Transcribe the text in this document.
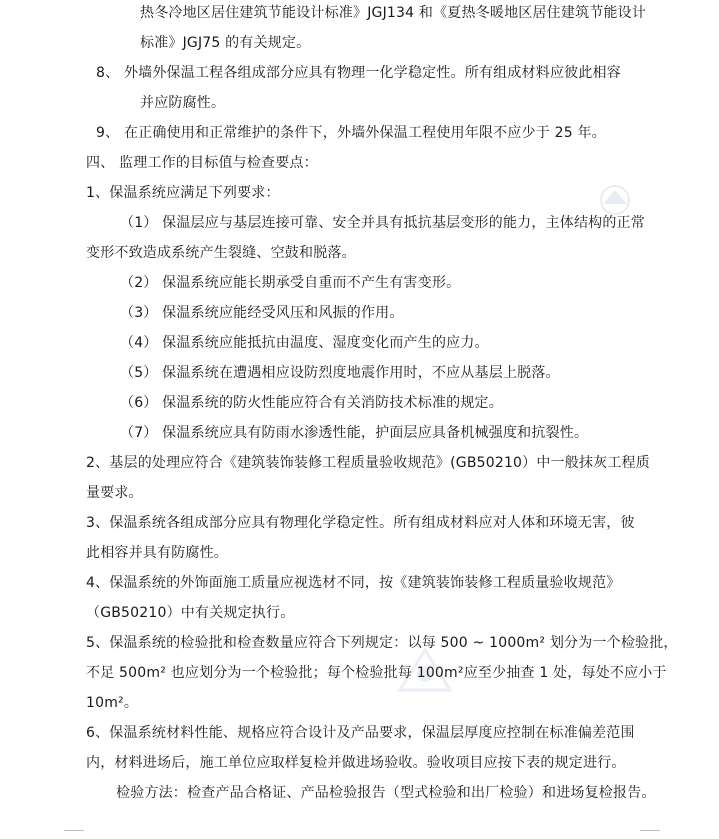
热冬冷地区居住建筑节能设计标准》JGJ134 和《夏热冬暖地区居住建筑节能设计
标准》JGJ75 的有关规定。
8、 外墙外保温工程各组成部分应具有物理一化学稳定性。所有组成材料应彼此相容
并应防腐性。
9、 在正确使用和正常维护的条件下，外墙外保温工程使用年限不应少于 25 年。
四、 监理工作的目标值与检查要点：
1、保温系统应满足下列要求：
（1） 保温层应与基层连接可靠、安全并具有抵抗基层变形的能力，主体结构的正常
变形不致造成系统产生裂缝、空鼓和脱落。
（2） 保温系统应能长期承受自重而不产生有害变形。
（3） 保温系统应能经受风压和风振的作用。
（4） 保温系统应能抵抗由温度、湿度变化而产生的应力。
（5） 保温系统在遭遇相应设防烈度地震作用时，不应从基层上脱落。
（6） 保温系统的防火性能应符合有关消防技术标准的规定。
（7） 保温系统应具有防雨水渗透性能，护面层应具备机械强度和抗裂性。
2、基层的处理应符合《建筑装饰装修工程质量验收规范》(GB50210）中一般抹灰工程质
量要求。
3、保温系统各组成部分应具有物理化学稳定性。所有组成材料应对人体和环境无害，彼
此相容并具有防腐性。
4、保温系统的外饰面施工质量应视选材不同，按《建筑装饰装修工程质量验收规范》
（GB50210）中有关规定执行。
5、保温系统的检验批和检查数量应符合下列规定：以每 500 ~ 1000m² 划分为一个检验批，
不足 500m² 也应划分为一个检验批；每个检验批每 100m²应至少抽查 1 处，每处不应小于
10m²。
6、保温系统材料性能、规格应符合设计及产品要求，保温层厚度应控制在标准偏差范围
内，材料进场后，施工单位应取样复检并做进场验收。验收项目应按下表的规定进行。
检验方法：检查产品合格证、产品检验报告（型式检验和出厂检验）和进场复检报告。
